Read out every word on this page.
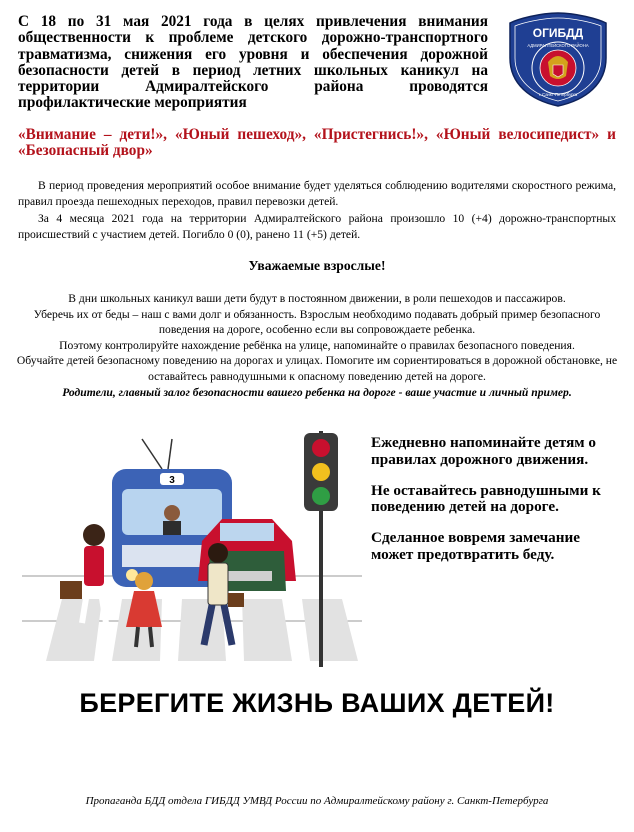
С 18 по 31 мая 2021 года в целях привлечения внимания общественности к проблеме детского дорожно-транспортного травматизма, снижения его уровня и обеспечения дорожной безопасности детей в период летних школьных каникул на территории Адмиралтейского района проводятся профилактические мероприятия
«Внимание – дети!», «Юный пешеход», «Пристегнись!», «Юный велосипедист» и «Безопасный двор»
ОГИБДД
АДМИРАЛТЕЙСКОГО РАЙОНА
г. Санкт-Петербурга
В период проведения мероприятий особое внимание будет уделяться соблюдению водителями скоростного режима, правил проезда пешеходных переходов, правил перевозки детей.
За 4 месяца 2021 года на территории Адмиралтейского района произошло 10 (+4) дорожно-транспортных происшествий с участием детей. Погибло 0 (0), ранено 11 (+5) детей.
Уважаемые взрослые!
В дни школьных каникул ваши дети будут в постоянном движении, в роли пешеходов и пассажиров.
Уберечь их от беды – наш с вами долг и обязанность. Взрослым необходимо подавать добрый пример безопасного поведения на дороге, особенно если вы сопровождаете ребенка.
Поэтому контролируйте нахождение ребёнка на улице, напоминайте о правилах безопасного поведения.
Обучайте детей безопасному поведению на дорогах и улицах. Помогите им сориентироваться в дорожной обстановке, не оставайтесь равнодушными к опасному поведению детей на дороге.
Родители, главный залог безопасности вашего ребенка на дороге - ваше участие и личный пример.
3

Ежедневно напоминайте детям о правилах дорожного движения.

Не оставайтесь равнодушными к поведению детей на дороге.

Сделанное вовремя замечание может предотвратить беду.

БЕРЕГИТЕ ЖИЗНЬ ВАШИХ ДЕТЕЙ!
Пропаганда БДД отдела ГИБДД УМВД России по Адмиралтейскому району г. Санкт-Петербурга
